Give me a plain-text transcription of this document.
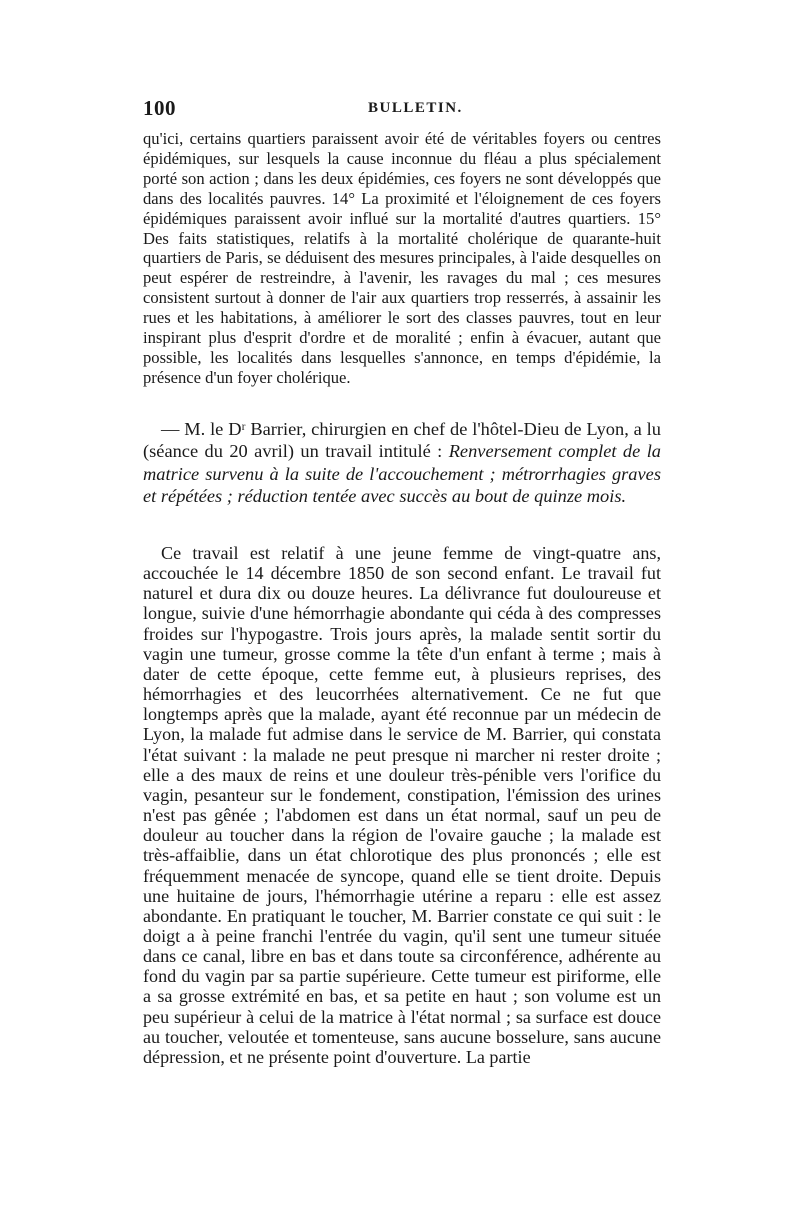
100	BULLETIN.

qu'ici, certains quartiers paraissent avoir été de véritables foyers ou centres épidémiques, sur lesquels la cause inconnue du fléau a plus spécialement porté son action ; dans les deux épidémies, ces foyers ne sont développés que dans des localités pauvres. 14° La proximité et l'éloignement de ces foyers épidémiques paraissent avoir influé sur la mortalité d'autres quartiers. 15° Des faits statistiques, relatifs à la mortalité cholérique de quarante-huit quartiers de Paris, se déduisent des mesures principales, à l'aide desquelles on peut espérer de restreindre, à l'avenir, les ravages du mal ; ces mesures consistent surtout à donner de l'air aux quartiers trop resserrés, à assainir les rues et les habitations, à améliorer le sort des classes pauvres, tout en leur inspirant plus d'esprit d'ordre et de moralité ; enfin à évacuer, autant que possible, les localités dans lesquelles s'annonce, en temps d'épidémie, la présence d'un foyer cholérique.

— M. le Dʳ Barrier, chirurgien en chef de l'hôtel-Dieu de Lyon, a lu (séance du 20 avril) un travail intitulé : Renversement complet de la matrice survenu à la suite de l'accouchement ; métrorrhagies graves et répétées ; réduction tentée avec succès au bout de quinze mois.

Ce travail est relatif à une jeune femme de vingt-quatre ans, accouchée le 14 décembre 1850 de son second enfant. Le travail fut naturel et dura dix ou douze heures. La délivrance fut douloureuse et longue, suivie d'une hémorrhagie abondante qui céda à des compresses froides sur l'hypogastre. Trois jours après, la malade sentit sortir du vagin une tumeur, grosse comme la tête d'un enfant à terme ; mais à dater de cette époque, cette femme eut, à plusieurs reprises, des hémorrhagies et des leucorrhées alternativement. Ce ne fut que longtemps après que la malade, ayant été reconnue par un médecin de Lyon, la malade fut admise dans le service de M. Barrier, qui constata l'état suivant : la malade ne peut presque ni marcher ni rester droite ; elle a des maux de reins et une douleur très-pénible vers l'orifice du vagin, pesanteur sur le fondement, constipation, l'émission des urines n'est pas gênée ; l'abdomen est dans un état normal, sauf un peu de douleur au toucher dans la région de l'ovaire gauche ; la malade est très-affaiblie, dans un état chlorotique des plus prononcés ; elle est fréquemment menacée de syncope, quand elle se tient droite. Depuis une huitaine de jours, l'hémorrhagie utérine a reparu : elle est assez abondante. En pratiquant le toucher, M. Barrier constate ce qui suit : le doigt a à peine franchi l'entrée du vagin, qu'il sent une tumeur située dans ce canal, libre en bas et dans toute sa circonférence, adhérente au fond du vagin par sa partie supérieure. Cette tumeur est piriforme, elle a sa grosse extrémité en bas, et sa petite en haut ; son volume est un peu supérieur à celui de la matrice à l'état normal ; sa surface est douce au toucher, veloutée et tomenteuse, sans aucune bosselure, sans aucune dépression, et ne présente point d'ouverture. La partie
